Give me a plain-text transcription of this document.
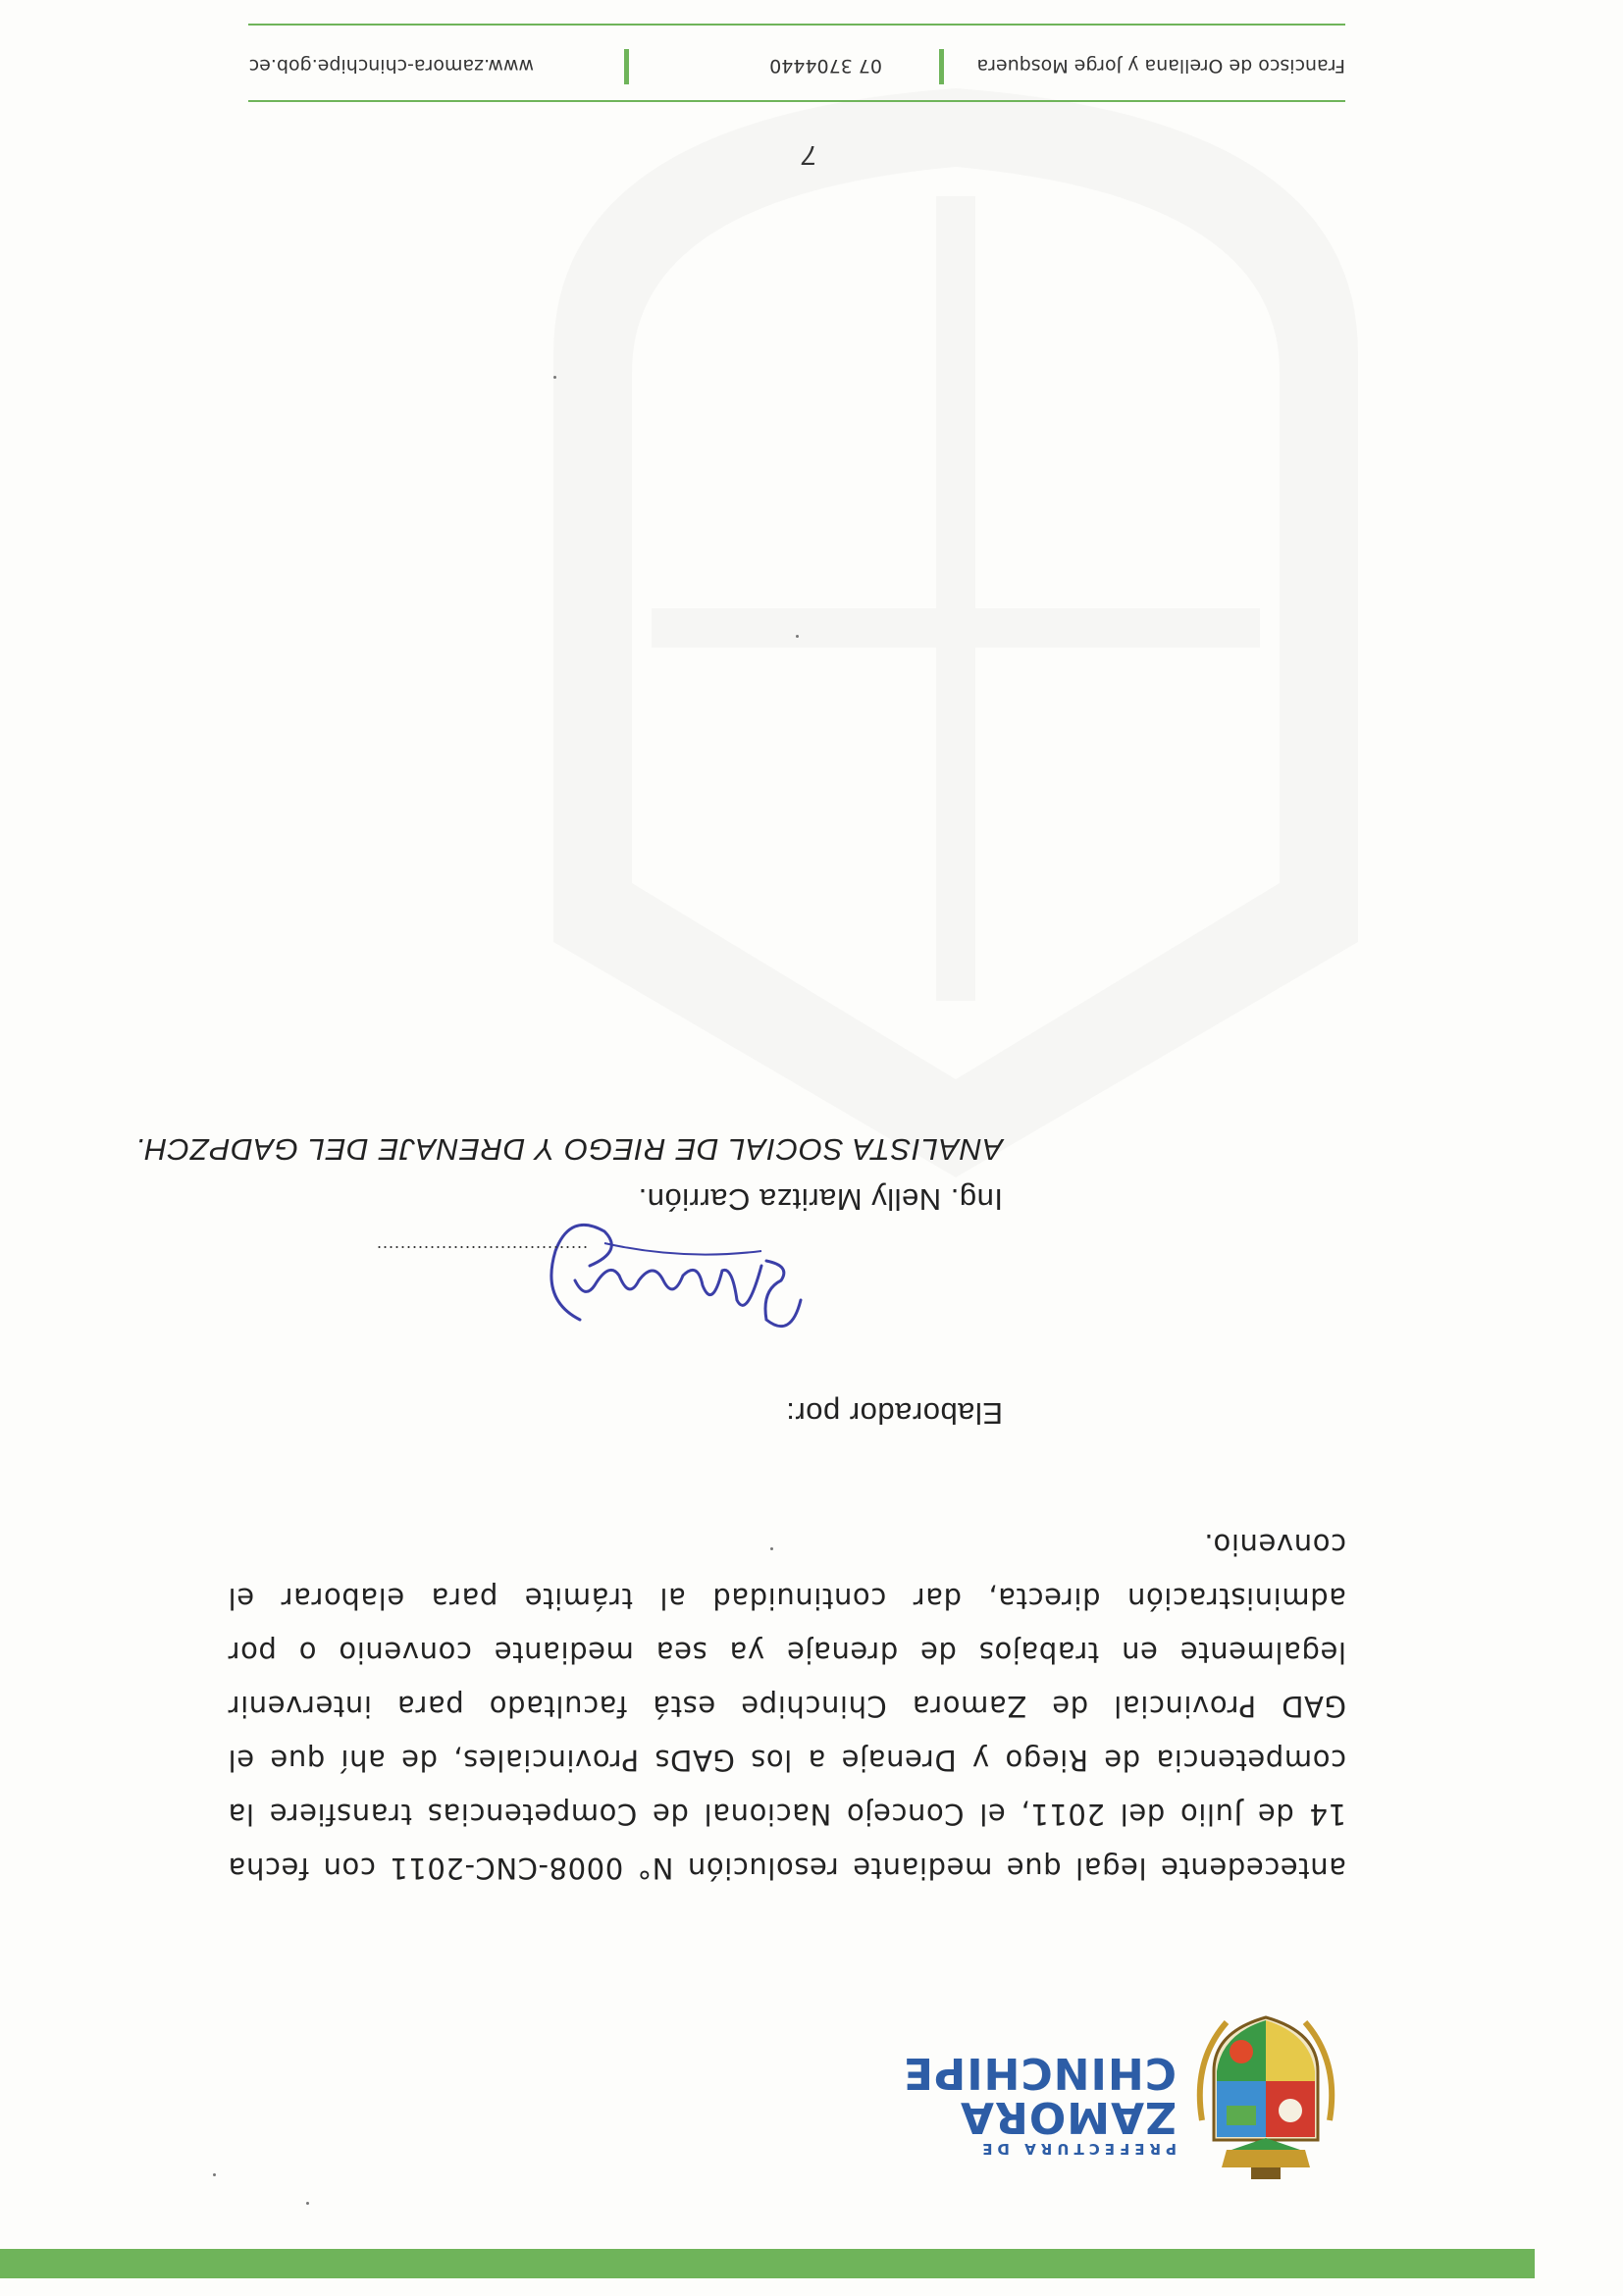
PREFECTURA DE
ZAMORA
CHINCHIPE

antecedente legal que mediante resolución N° 0008-CNC-2011 con fecha 14 de Julio del 2011, el Concejo Nacional de Competencias transfiere la competencia de Riego y Drenaje a los GADs Provinciales, de ahí que el GAD Provincial de Zamora Chinchipe está facultado para intervenir legalmente en trabajos de drenaje ya sea mediante convenio o por administración directa, dar continuidad al trámite para elaborar el convenio.

Elaborador por:
....................................
Ing. Nelly Maritza Carrión.
ANALISTA SOCIAL DE RIEGO Y DRENAJE DEL GADPZCH.
7
Francisco de Orellana y Jorge Mosquera
07 3704440
www.zamora-chinchipe.gob.ec
